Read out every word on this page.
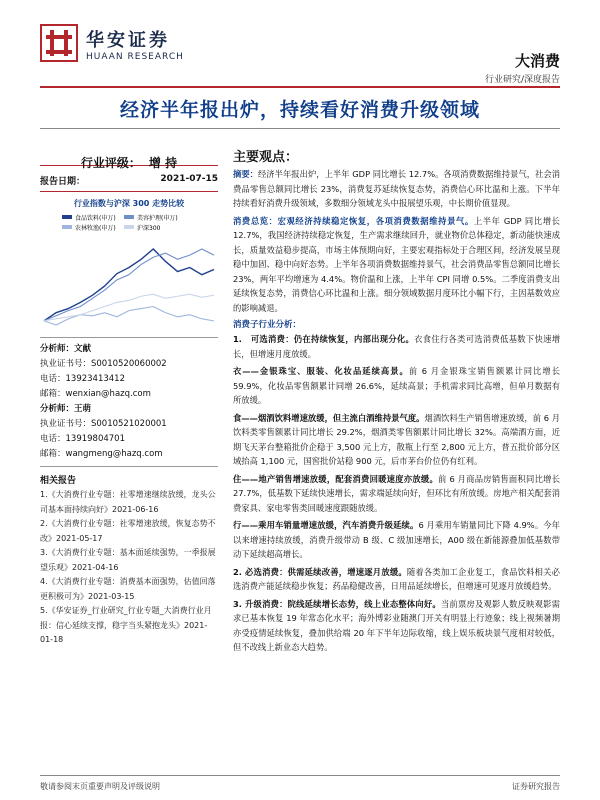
华安证券
HUAAN RESEARCH	大消费
行业研究/深度报告
经济半年报出炉，持续看好消费升级领域
行业评级： 增 持
报告日期：	2021-07-15
行业指数与沪深 300 走势比较
食品饮料(申万)	美容护理(申万)
农林牧渔(申万)	沪深300
分析师：文献
执业证书号：S0010520060002
电话：13923413412
邮箱：wenxian@hazq.com
分析师：王萌
执业证书号：S0010521020001
电话：13919804701
邮箱：wangmeng@hazq.com
相关报告
1.《大消费行业专题：社零增速继续放缓，龙头公司基本面持续向好》2021-06-16
2.《大消费行业专题：社零增速放缓，恢复态势不改》2021-05-17
3.《大消费行业专题：基本面延续强势，一季报展望乐观》2021-04-16
4.《大消费行业专题：消费基本面强势，估值回落更积极可为》2021-03-15
5.《华安证券_行业研究_行业专题_大消费行业月报：信心延续支撑，稳字当头紧抱龙头》2021-01-18
主要观点：
摘要：经济半年报出炉，上半年 GDP 同比增长 12.7%。各项消费数据维持景气，社会消费品零售总额同比增长 23%，消费复苏延续恢复态势，消费信心环比温和上涨。下半年持续看好消费升级领域，多数细分领域龙头中报展望乐观，中长期价值显现。
消费总览：宏观经济持续稳定恢复，各项消费数据维持景气。上半年 GDP 同比增长 12.7%，我国经济持续稳定恢复，生产需求继续回升，就业物价总体稳定，新动能快速成长，质量效益稳步提高，市场主体预期向好，主要宏观指标处于合理区间，经济发展呈现稳中加固、稳中向好态势。上半年各项消费数据维持景气，社会消费品零售总额同比增长 23%，两年平均增速为 4.4%。物价温和上涨，上半年 CPI 同增 0.5%。二季度消费支出延续恢复态势，消费信心环比温和上涨。细分领域数据月度环比小幅下行，主因基数效应的影响减退。
消费子行业分析：
1.　可选消费：仍在持续恢复，内部出现分化。衣食住行各类可选消费低基数下快速增长，但增速月度放缓。
衣——金银珠宝、服装、化妆品延续高景。前 6 月金银珠宝销售额累计同比增长 59.9%，化妆品零售额累计同增 26.6%，延续高景；手机需求同比高增，但单月数据有所放缓。
食——烟酒饮料增速放缓，但主流白酒维持景气度。烟酒饮料生产销售增速放缓，前 6 月饮料类零售额累计同比增长 29.2%，烟酒类零售额累计同比增长 32%。高端酒方面，近期飞天茅台整箱批价企稳于 3,500 元上方，散瓶上行至 2,800 元上方，普五批价部分区域抬高 1,100 元，国窖批价站稳 900 元，后市茅台价位仍有红利。
住——地产销售增速放缓，配套消费回暖速度亦放缓。前 6 月商品房销售面积同比增长 27.7%，低基数下延续快速增长，需求端延续向好，但环比有所放缓。房地产相关配套消费家具、家电零售类回暖速度跟随放缓。
行——乘用车销量增速放缓，汽车消费升级延续。6 月乘用车销量同比下降 4.9%。今年以来增速持续放缓，消费升级带动 B 级、C 级加速增长，A00 级在新能源叠加低基数带动下延续超高增长。
2. 必选消费：供需延续改善，增速逐月放缓。随着各类加工企业复工，食品饮料相关必选消费产能延续稳步恢复；药品稳健改善，日用品延续增长，但增速可见逐月放缓趋势。
3. 升级消费：院线延续增长态势，线上业态整体向好。当前票房及观影人数反映观影需求已基本恢复 19 年常态化水平；海外博彩业随澳门开关有明显上行迹象；线上视频暑期亦受疫情延续恢复，叠加供给端 20 年下半年边际收缩，线上娱乐板块景气度相对较低，但不改线上新业态大趋势。
敬请参阅末页重要声明及评级说明	证券研究报告
